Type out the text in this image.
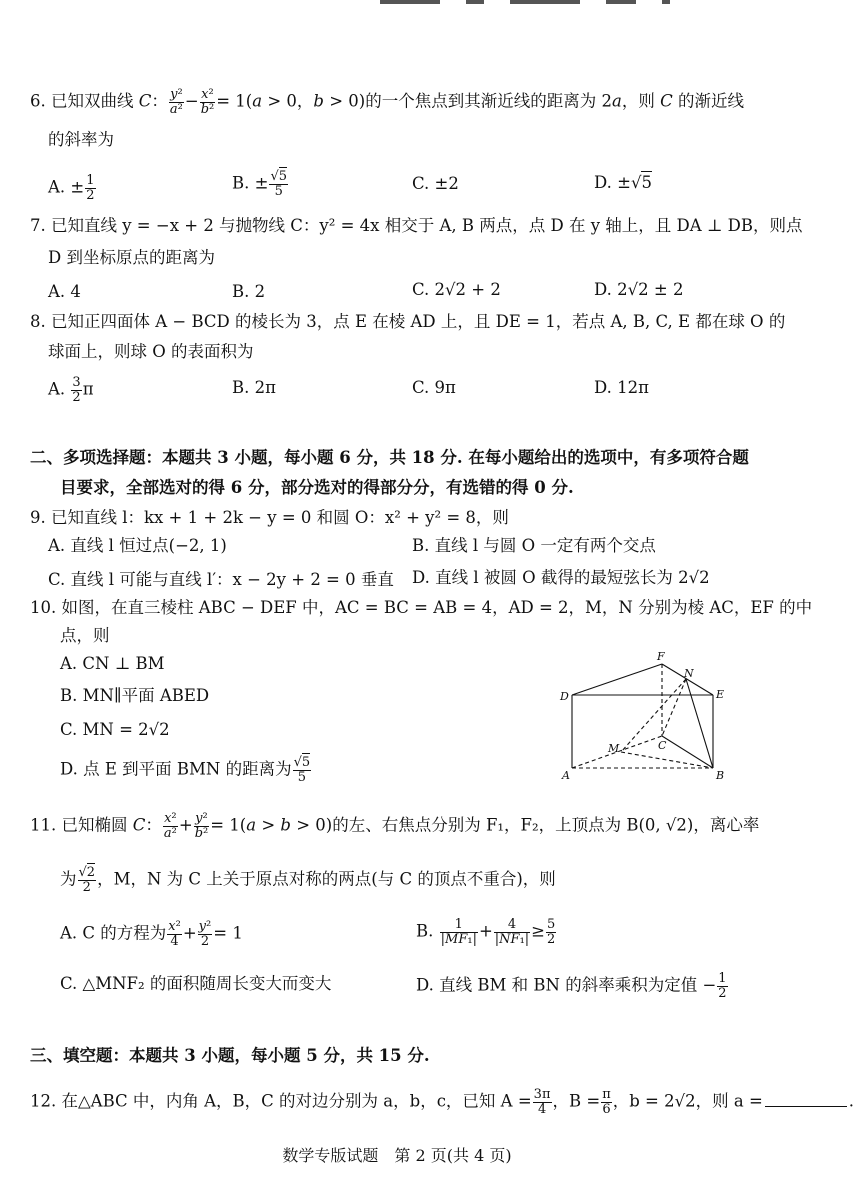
6. 已知双曲线 C： $\frac{\text{y²}}{\text{a²}} - \frac{\text{x²}}{\text{b²}} = 1(a > 0$，b > 0)的一个焦点到其渐近线的距离为 2a，则 C 的渐近线
的斜率为
A. ± $\frac{1}{2}$	B. ± $\frac{√5}{5}$	C. ±2	D. ±√5
7. 已知直线 y = −x + 2 与抛物线 C：y² = 4x 相交于 A, B 两点，点 D 在 y 轴上，且 DA ⊥ DB，则点
D 到坐标原点的距离为
A. 4	B. 2	C. 2√2 + 2	D. 2√2 ± 2
8. 已知正四面体 A − BCD 的棱长为 3，点 E 在棱 AD 上，且 DE = 1，若点 A, B, C, E 都在球 O 的
球面上，则球 O 的表面积为
A. $\frac{3}{2}$ π	B. 2π	C. 9π	D. 12π
二、多项选择题：本题共 3 小题，每小题 6 分，共 18 分. 在每小题给出的选项中，有多项符合题
目要求，全部选对的得 6 分，部分选对的得部分分，有选错的得 0 分.
9. 已知直线 l：kx + 1 + 2k − y = 0 和圆 O：x² + y² = 8，则
A. 直线 l 恒过点(−2, 1)	B. 直线 l 与圆 O 一定有两个交点
C. 直线 l 可能与直线 l′：x − 2y + 2 = 0 垂直 D. 直线 l 被圆 O 截得的最短弦长为 2√2
10. 如图，在直三棱柱 ABC − DEF 中，AC = BC = AB = 4，AD = 2，M，N 分别为棱 AC，EF 的中
点，则
A. CN ⊥ BM
B. MN∥平面 ABED
C. MN = 2√2
D. 点 E 到平面 BMN 的距离为 $\frac{√5}{5}$	A	B
C
D	E
F
M
N
11. 已知椭圆 C： $\frac{\text{x²}}{\text{a²}} + \frac{\text{y²}}{\text{b²}} = 1(a > b > 0)$的左、右焦点分别为 F₁，F₂，上顶点为 B(0, √2)，离心率
为 $\frac{√2}{2}$ ，M，N 为 C 上关于原点对称的两点(与 C 的顶点不重合)，则
A. C 的方程为 $\frac{\text{x²}}{4} + \frac{\text{y²}}{2} = 1$	B. $\frac{1}{\text{|MF₁|}} + \frac{4}{\text{|NF₁|}} \ge \frac{5}{2}$
C. △MNF₂ 的面积随周长变大而变大	D. 直线 BM 和 BN 的斜率乘积为定值 − $\frac{1}{2}$
三、填空题：本题共 3 小题，每小题 5 分，共 15 分.
12. 在△ABC 中，内角 A，B，C 的对边分别为 a，b，c，已知 $A = \frac{3\pi}{4}$ ，$B = \frac{\pi}{6}$ ，b = 2√2，则 a =	.
数学专版试题　第 2 页(共 4 页)
